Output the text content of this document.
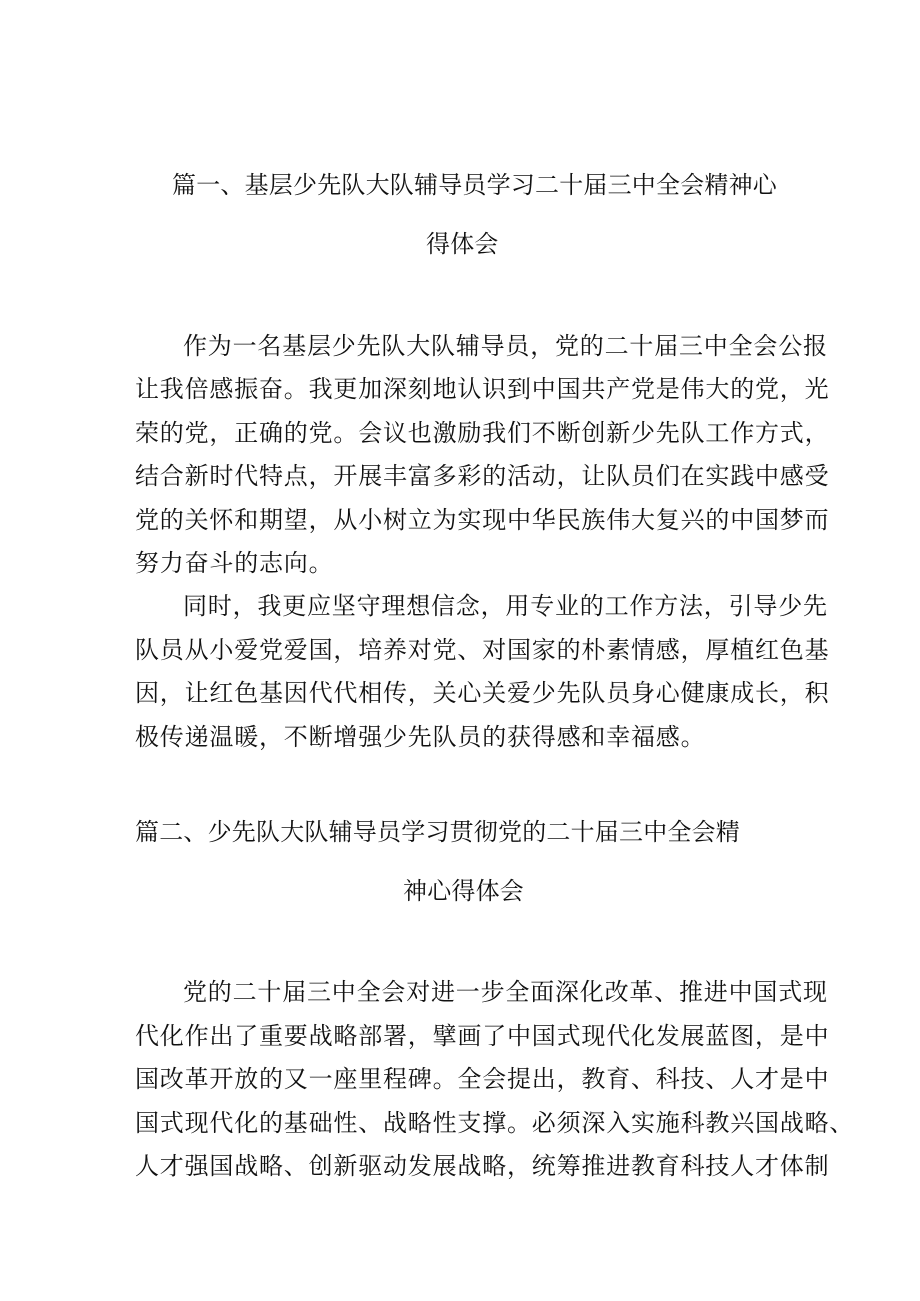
篇一、基层少先队大队辅导员学习二十届三中全会精神心

得体会

作为一名基层少先队大队辅导员，党的二十届三中全会公报

让我倍感振奋。我更加深刻地认识到中国共产党是伟大的党，光

荣的党，正确的党。会议也激励我们不断创新少先队工作方式，

结合新时代特点，开展丰富多彩的活动，让队员们在实践中感受

党的关怀和期望，从小树立为实现中华民族伟大复兴的中国梦而

努力奋斗的志向。

同时，我更应坚守理想信念，用专业的工作方法，引导少先

队员从小爱党爱国，培养对党、对国家的朴素情感，厚植红色基

因，让红色基因代代相传，关心关爱少先队员身心健康成长，积

极传递温暖，不断增强少先队员的获得感和幸福感。

篇二、少先队大队辅导员学习贯彻党的二十届三中全会精

神心得体会

党的二十届三中全会对进一步全面深化改革、推进中国式现

代化作出了重要战略部署，擘画了中国式现代化发展蓝图，是中

国改革开放的又一座里程碑。全会提出，教育、科技、人才是中

国式现代化的基础性、战略性支撑。必须深入实施科教兴国战略、

人才强国战略、创新驱动发展战略，统筹推进教育科技人才体制
